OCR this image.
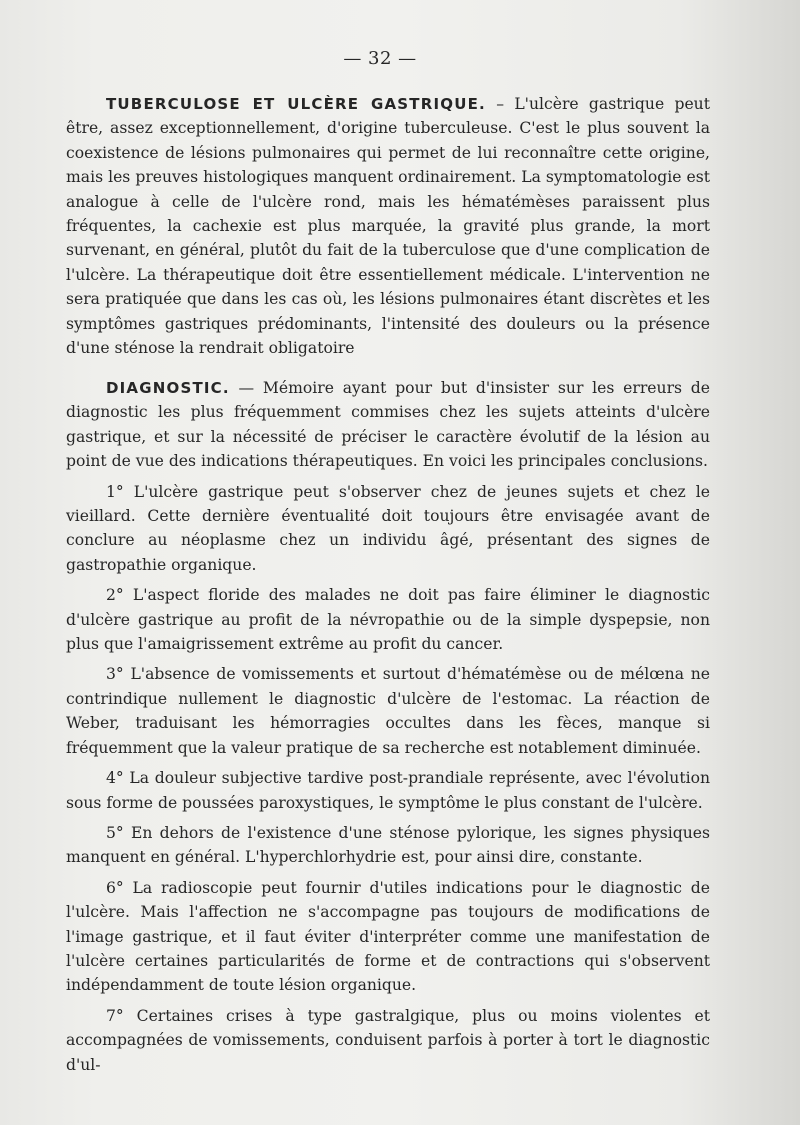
— 32 —

TUBERCULOSE ET ULCÈRE GASTRIQUE. – L'ulcère gastrique peut être, assez exceptionnellement, d'origine tuberculeuse. C'est le plus souvent la coexistence de lésions pulmonaires qui permet de lui reconnaître cette origine, mais les preuves histologiques manquent ordinairement. La symptomatologie est analogue à celle de l'ulcère rond, mais les hématémèses paraissent plus fréquentes, la cachexie est plus marquée, la gravité plus grande, la mort survenant, en général, plutôt du fait de la tuberculose que d'une complication de l'ulcère. La thérapeutique doit être essentiellement médicale. L'intervention ne sera pratiquée que dans les cas où, les lésions pulmonaires étant discrètes et les symptômes gastriques prédominants, l'intensité des douleurs ou la présence d'une sténose la rendrait obligatoire

DIAGNOSTIC. — Mémoire ayant pour but d'insister sur les erreurs de diagnostic les plus fréquemment commises chez les sujets atteints d'ulcère gastrique, et sur la nécessité de préciser le caractère évolutif de la lésion au point de vue des indications thérapeutiques. En voici les principales conclusions.

1° L'ulcère gastrique peut s'observer chez de jeunes sujets et chez le vieillard. Cette dernière éventualité doit toujours être envisagée avant de conclure au néoplasme chez un individu âgé, présentant des signes de gastropathie organique.

2° L'aspect floride des malades ne doit pas faire éliminer le diagnostic d'ulcère gastrique au profit de la névropathie ou de la simple dyspepsie, non plus que l'amaigrissement extrême au profit du cancer.

3° L'absence de vomissements et surtout d'hématémèse ou de mélœna ne contrindique nullement le diagnostic d'ulcère de l'estomac. La réaction de Weber, traduisant les hémorragies occultes dans les fèces, manque si fréquemment que la valeur pratique de sa recherche est notablement diminuée.

4° La douleur subjective tardive post-prandiale représente, avec l'évolution sous forme de poussées paroxystiques, le symptôme le plus constant de l'ulcère.

5° En dehors de l'existence d'une sténose pylorique, les signes physiques manquent en général. L'hyperchlorhydrie est, pour ainsi dire, constante.

6° La radioscopie peut fournir d'utiles indications pour le diagnostic de l'ulcère. Mais l'affection ne s'accompagne pas toujours de modifications de l'image gastrique, et il faut éviter d'interpréter comme une manifestation de l'ulcère certaines particularités de forme et de contractions qui s'observent indépendamment de toute lésion organique.

7° Certaines crises à type gastralgique, plus ou moins violentes et accompagnées de vomissements, conduisent parfois à porter à tort le diagnostic d'ul-
